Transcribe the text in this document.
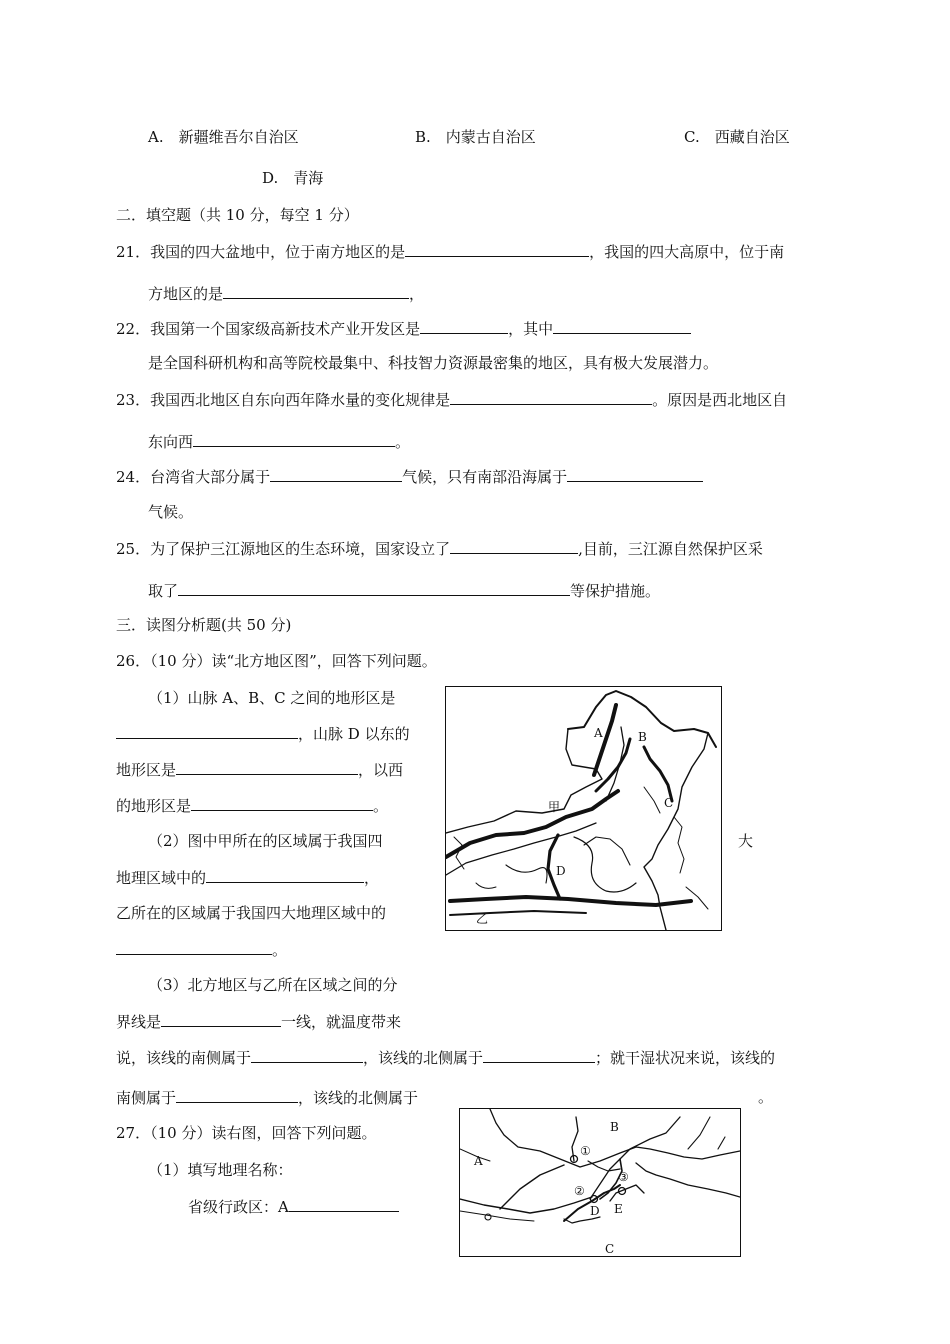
A.　新疆维吾尔自治区	B.　内蒙古自治区	C.　西藏自治区
D.　青海
二．填空题（共 10 分，每空 1 分）
21．我国的四大盆地中，位于南方地区的是	，我国的四大高原中，位于南
方地区的是	，
22．我国第一个国家级高新技术产业开发区是	，其中
是全国科研机构和高等院校最集中、科技智力资源最密集的地区，具有极大发展潜力。
23．我国西北地区自东向西年降水量的变化规律是	。原因是西北地区自
东向西	。
24．台湾省大部分属于	气候，只有南部沿海属于
气候。
25．为了保护三江源地区的生态环境，国家设立了	,目前，三江源自然保护区采
取了	等保护措施。
三．读图分析题(共 50 分)
26．（10 分）读“北方地区图”，回答下列问题。
（1）山脉 A、B、C 之间的地形区是
，山脉 D 以东的
地形区是	，以西
的地形区是	。
（2）图中甲所在的区域属于我国四	大
地理区域中的	，
乙所在的区域属于我国四大地理区域中的
。
（3）北方地区与乙所在区域之间的分
界线是	一线，就温度带来
说，该线的南侧属于	，该线的北侧属于	；就干湿状况来说，该线的
南侧属于	，该线的北侧属于	。
27．（10 分）读右图，回答下列问题。
（1）填写地理名称：
省级行政区：A
A	B
C
D
甲
乙
A
B
C
D E
①
②
③
